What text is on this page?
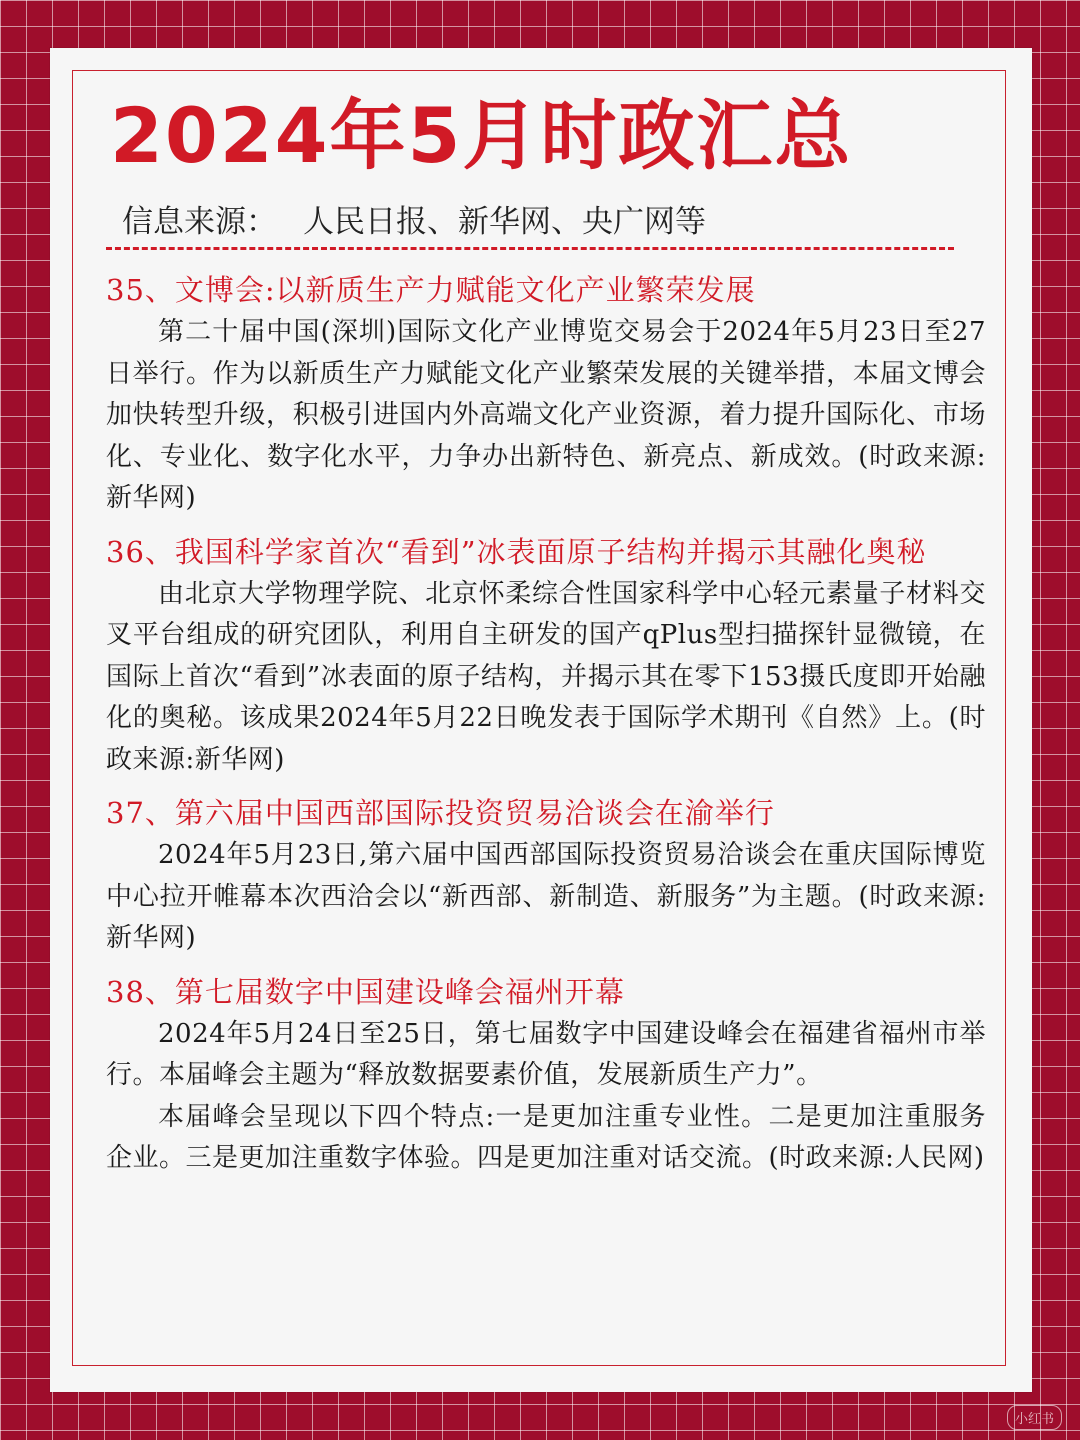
2024年5月时政汇总
信息来源： 人民日报、新华网、央广网等
35、文博会:以新质生产力赋能文化产业繁荣发展

第二十届中国(深圳)国际文化产业博览交易会于2024年5月23日至27日举行。作为以新质生产力赋能文化产业繁荣发展的关键举措，本届文博会加快转型升级，积极引进国内外高端文化产业资源，着力提升国际化、市场化、专业化、数字化水平，力争办出新特色、新亮点、新成效。(时政来源:新华网)

36、我国科学家首次“看到”冰表面原子结构并揭示其融化奥秘

由北京大学物理学院、北京怀柔综合性国家科学中心轻元素量子材料交叉平台组成的研究团队，利用自主研发的国产qPlus型扫描探针显微镜，在国际上首次“看到”冰表面的原子结构，并揭示其在零下153摄氏度即开始融化的奥秘。该成果2024年5月22日晚发表于国际学术期刊《自然》上。(时政来源:新华网)

37、第六届中国西部国际投资贸易洽谈会在渝举行

2024年5月23日,第六届中国西部国际投资贸易洽谈会在重庆国际博览中心拉开帷幕本次西洽会以“新西部、新制造、新服务”为主题。(时政来源:新华网)

38、第七届数字中国建设峰会福州开幕

2024年5月24日至25日，第七届数字中国建设峰会在福建省福州市举行。本届峰会主题为“释放数据要素价值，发展新质生产力”。

本届峰会呈现以下四个特点:一是更加注重专业性。二是更加注重服务企业。三是更加注重数字体验。四是更加注重对话交流。(时政来源:人民网)

小红书
